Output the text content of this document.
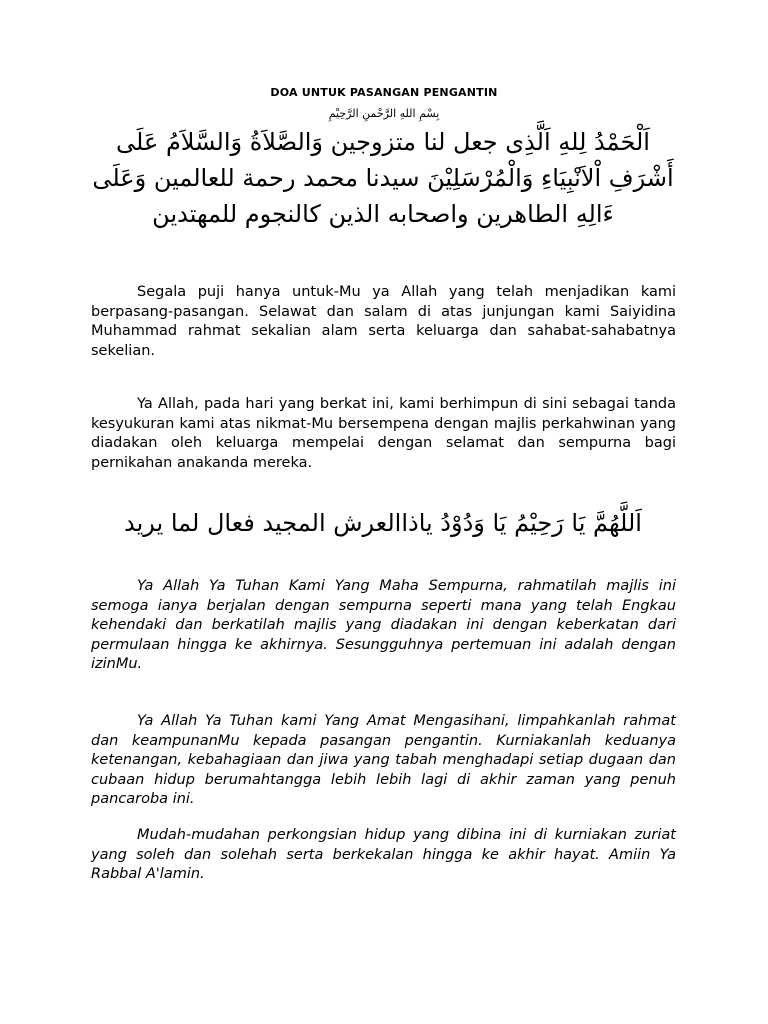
DOA UNTUK PASANGAN PENGANTIN
بِسْمِ اللهِ الرَّحْمنِ الرَّحِيْمِ
اَلْحَمْدُ لِلهِ اَلَّذِى جعل لنا متزوجين وَالصَّلاَةُ وَالسَّلاَمُ عَلَى أَشْرَفِ اْلاَنْبِيَاءِ وَالْمُرْسَلِيْنَ سيدنا محمد رحمة للعالمين وَعَلَى ءَالِهِ الطاهرين واصحابه الذين كالنجوم للمهتدين
Segala puji hanya untuk-Mu ya Allah yang telah menjadikan kami berpasang-pasangan. Selawat dan salam di atas junjungan kami Saiyidina Muhammad rahmat sekalian alam serta keluarga dan sahabat-sahabatnya sekelian.
Ya Allah, pada hari yang berkat ini, kami berhimpun di sini sebagai tanda kesyukuran kami atas nikmat-Mu bersempena dengan majlis perkahwinan yang diadakan oleh keluarga mempelai dengan selamat dan sempurna bagi pernikahan anakanda mereka.
اَللَّهُمَّ يَا رَحِيْمُ يَا وَدُوْدُ ياذاالعرش المجيد فعال لما يريد
Ya Allah Ya Tuhan Kami Yang Maha Sempurna, rahmatilah majlis ini semoga ianya berjalan dengan sempurna seperti mana yang telah Engkau kehendaki dan berkatilah majlis yang diadakan ini dengan keberkatan dari permulaan hingga ke akhirnya. Sesungguhnya pertemuan ini adalah dengan izinMu.
Ya Allah Ya Tuhan kami Yang Amat Mengasihani, limpahkanlah rahmat dan keampunanMu kepada pasangan pengantin. Kurniakanlah keduanya ketenangan, kebahagiaan dan jiwa yang tabah menghadapi setiap dugaan dan cubaan hidup berumahtangga lebih lebih lagi di akhir zaman yang penuh pancaroba ini.
Mudah-mudahan perkongsian hidup yang dibina ini di kurniakan zuriat yang soleh dan solehah serta berkekalan hingga ke akhir hayat. Amiin Ya Rabbal A'lamin.
